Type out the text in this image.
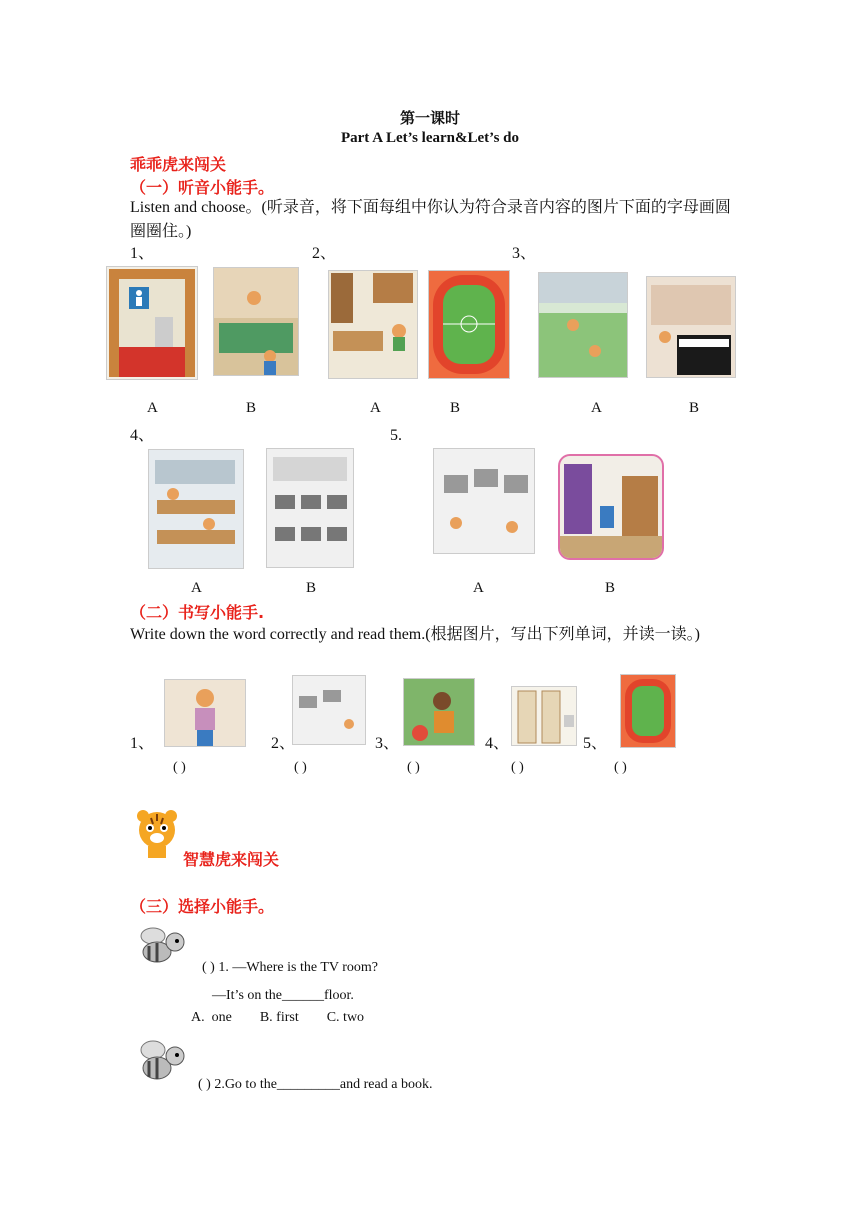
第一课时
Part A Let’s learn&Let’s do
乖乖虎来闯关
（一）听音小能手。
Listen and choose。(听录音，将下面每组中你认为符合录音内容的图片下面的字母画圆圈圈住。)
1、	2、	3、
A	B	A	B	A	B
4、	5.
A	B	A	B
（二）书写小能手.
Write down the word correctly and read them.(根据图片，写出下列单词，并读一读。)
1、	2、	3、	4、	5、
( )	( )	( )	( )	( )
智慧虎来闯关
（三）选择小能手。
( ) 1. —Where is the TV room?
—It’s on the______floor.
A.  one        B. first        C. two
( ) 2.Go to the_________and read a book.
